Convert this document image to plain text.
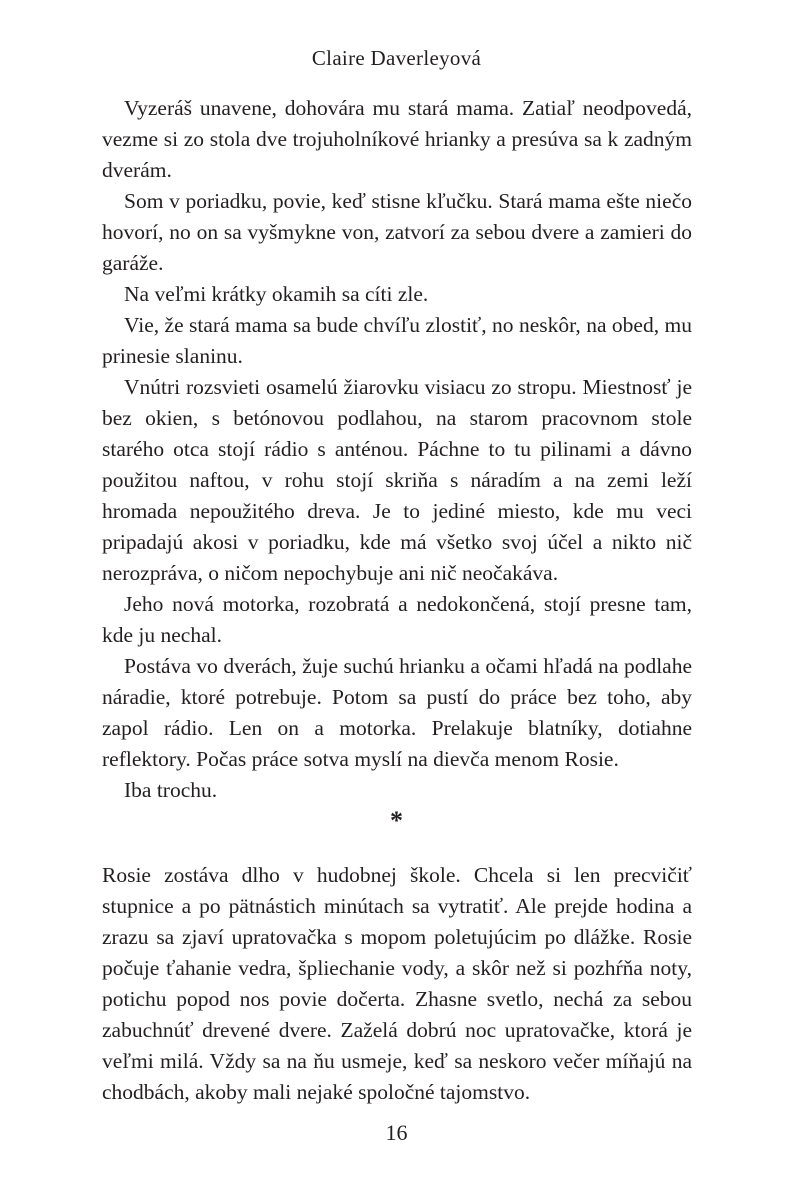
Claire Daverleyová

Vyzeráš unavene, dohovára mu stará mama. Zatiaľ neodpovedá, vezme si zo stola dve trojuholníkové hrianky a presúva sa k zadným dverám.

Som v poriadku, povie, keď stisne kľučku. Stará mama ešte niečo hovorí, no on sa vyšmykne von, zatvorí za sebou dvere a zamieri do garáže.

Na veľmi krátky okamih sa cíti zle.

Vie, že stará mama sa bude chvíľu zlostiť, no neskôr, na obed, mu prinesie slaninu.

Vnútri rozsvieti osamelú žiarovku visiacu zo stropu. Miestnosť je bez okien, s betónovou podlahou, na starom pracovnom stole starého otca stojí rádio s anténou. Páchne to tu pilinami a dávno použitou naftou, v rohu stojí skriňa s náradím a na zemi leží hromada nepoužitého dreva. Je to jediné miesto, kde mu veci pripadajú akosi v poriadku, kde má všetko svoj účel a nikto nič nerozpráva, o ničom nepochybuje ani nič neočakáva.

Jeho nová motorka, rozobratá a nedokončená, stojí presne tam, kde ju nechal.

Postáva vo dverách, žuje suchú hrianku a očami hľadá na podlahe náradie, ktoré potrebuje. Potom sa pustí do práce bez toho, aby zapol rádio. Len on a motorka. Prelakuje blatníky, dotiahne reflektory. Počas práce sotva myslí na dievča menom Rosie.

Iba trochu.

*

Rosie zostáva dlho v hudobnej škole. Chcela si len precvičiť stupnice a po pätnástich minútach sa vytratiť. Ale prejde hodina a zrazu sa zjaví upratovačka s mopom poletujúcim po dlážke. Rosie počuje ťahanie vedra, špliechanie vody, a skôr než si pozhŕňa noty, potichu popod nos povie dočerta. Zhasne svetlo, nechá za sebou zabuchnúť drevené dvere. Zaželá dobrú noc upratovačke, ktorá je veľmi milá. Vždy sa na ňu usmeje, keď sa neskoro večer míňajú na chodbách, akoby mali nejaké spoločné tajomstvo.

16
